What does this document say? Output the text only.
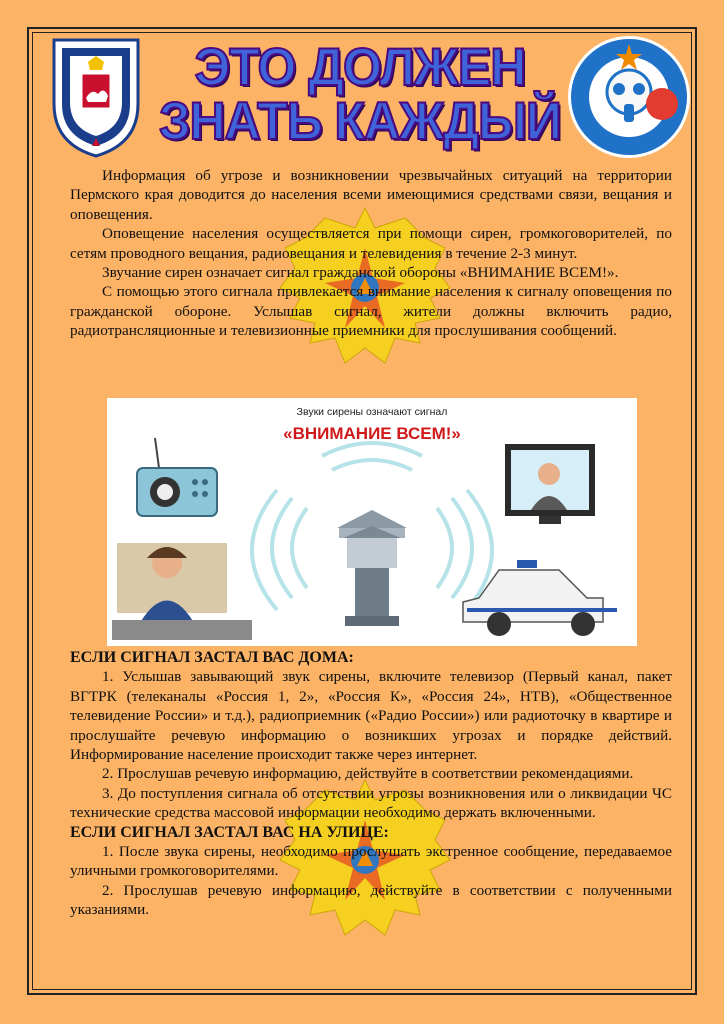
ЭТО ДОЛЖЕН
ЗНАТЬ КАЖДЫЙ

Информация об угрозе и возникновении чрезвычайных ситуаций на территории Пермского края доводится до населения всеми имеющимися средствами связи, вещания и оповещения.

Оповещение населения осуществляется при помощи сирен, громкоговорителей, по сетям проводного вещания, радиовещания и телевидения в течение 2-3 минут.

Звучание сирен означает сигнал гражданской обороны «ВНИМАНИЕ ВСЕМ!».

С помощью этого сигнала привлекается внимание населения к сигналу оповещения по гражданской обороне. Услышав сигнал, жители должны включить радио, радиотрансляционные и телевизионные приемники для прослушивания сообщений.

Звуки сирены означают сигнал
«ВНИМАНИЕ ВСЕМ!»

ЕСЛИ СИГНАЛ ЗАСТАЛ ВАС ДОМА:

1. Услышав завывающий звук сирены, включите телевизор (Первый канал, пакет ВГТРК (телеканалы «Россия 1, 2», «Россия К», «Россия 24», НТВ), «Общественное телевидение России» и т.д.), радиоприемник («Радио России») или радиоточку в квартире и прослушайте речевую информацию о возникших угрозах и порядке действий. Информирование население происходит также через интернет.

2. Прослушав речевую информацию, действуйте в соответствии рекомендациями.

3. До поступления сигнала об отсутствии угрозы возникновения или о ликвидации ЧС технические средства массовой информации необходимо держать включенными.

ЕСЛИ СИГНАЛ ЗАСТАЛ ВАС НА УЛИЦЕ:

1. После звука сирены, необходимо прослушать экстренное сообщение, передаваемое уличными громкоговорителями.

2. Прослушав речевую информацию, действуйте в соответствии с полученными указаниями.
